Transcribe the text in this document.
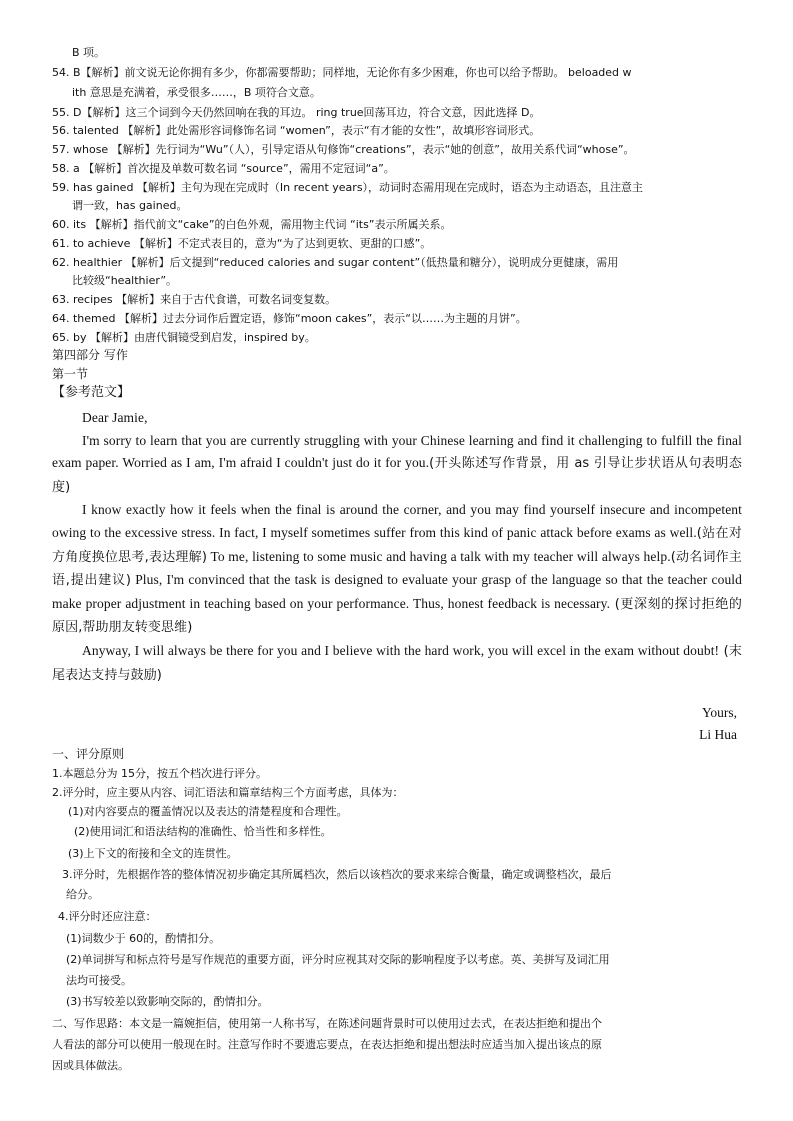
B 项。
54. B【解析】前文说无论你拥有多少，你都需要帮助；同样地，无论你有多少困难，你也可以给予帮助。 beloaded w
ith 意思是充满着，承受很多……，B 项符合文意。
55. D【解析】这三个词到今天仍然回响在我的耳边。 ring true回荡耳边，符合文意，因此选择 D。
56. talented 【解析】此处需形容词修饰名词 “women”，表示“有才能的女性”，故填形容词形式。
57. whose 【解析】先行词为“Wu”（人），引导定语从句修饰“creations”，表示“她的创意”，故用关系代词“whose”。
58. a 【解析】首次提及单数可数名词 “source”，需用不定冠词“a”。
59. has gained 【解析】主句为现在完成时（In recent years），动词时态需用现在完成时，语态为主动语态，且注意主
谓一致，has gained。
60. its 【解析】指代前文“cake”的白色外观，需用物主代词 “its”表示所属关系。
61. to achieve 【解析】不定式表目的，意为“为了达到更软、更甜的口感”。
62. healthier 【解析】后文提到“reduced calories and sugar content”（低热量和糖分），说明成分更健康，需用
比较级“healthier”。
63. recipes 【解析】来自于古代食谱，可数名词变复数。
64. themed 【解析】过去分词作后置定语，修饰“moon cakes”，表示“以……为主题的月饼”。
65. by 【解析】由唐代铜镜受到启发，inspired by。
第四部分 写作
第一节
【参考范文】

Dear Jamie,

I'm sorry to learn that you are currently struggling with your Chinese learning and find it challenging to fulfill the final exam paper. Worried as I am, I'm afraid I couldn't just do it for you.(开头陈述写作背景，用 as 引导让步状语从句表明态度)

I know exactly how it feels when the final is around the corner, and you may find yourself insecure and incompetent owing to the excessive stress. In fact, I myself sometimes suffer from this kind of panic attack before exams as well.(站在对方角度换位思考,表达理解) To me, listening to some music and having a talk with my teacher will always help.(动名词作主语,提出建议) Plus, I'm convinced that the task is designed to evaluate your grasp of the language so that the teacher could make proper adjustment in teaching based on your performance. Thus, honest feedback is necessary. (更深刻的探讨拒绝的原因,帮助朋友转变思维)

Anyway, I will always be there for you and I believe with the hard work, you will excel in the exam without doubt! (末尾表达支持与鼓励)

Yours,
Li Hua
一、评分原则
1.本题总分为 15分，按五个档次进行评分。
2.评分时，应主要从内容、词汇语法和篇章结构三个方面考虑，具体为：
(1)对内容要点的覆盖情况以及表达的清楚程度和合理性。
(2)使用词汇和语法结构的准确性、恰当性和多样性。
(3)上下文的衔接和全文的连贯性。
3.评分时，先根据作答的整体情况初步确定其所属档次，然后以该档次的要求来综合衡量，确定或调整档次，最后
给分。
4.评分时还应注意：
(1)词数少于 60的，酌情扣分。
(2)单词拼写和标点符号是写作规范的重要方面，评分时应视其对交际的影响程度予以考虑。英、美拼写及词汇用
法均可接受。
(3)书写较差以致影响交际的，酌情扣分。
二、写作思路：本文是一篇婉拒信，使用第一人称书写，在陈述问题背景时可以使用过去式，在表达拒绝和提出个
人看法的部分可以使用一般现在时。注意写作时不要遗忘要点，在表达拒绝和提出想法时应适当加入提出该点的原
因或具体做法。
